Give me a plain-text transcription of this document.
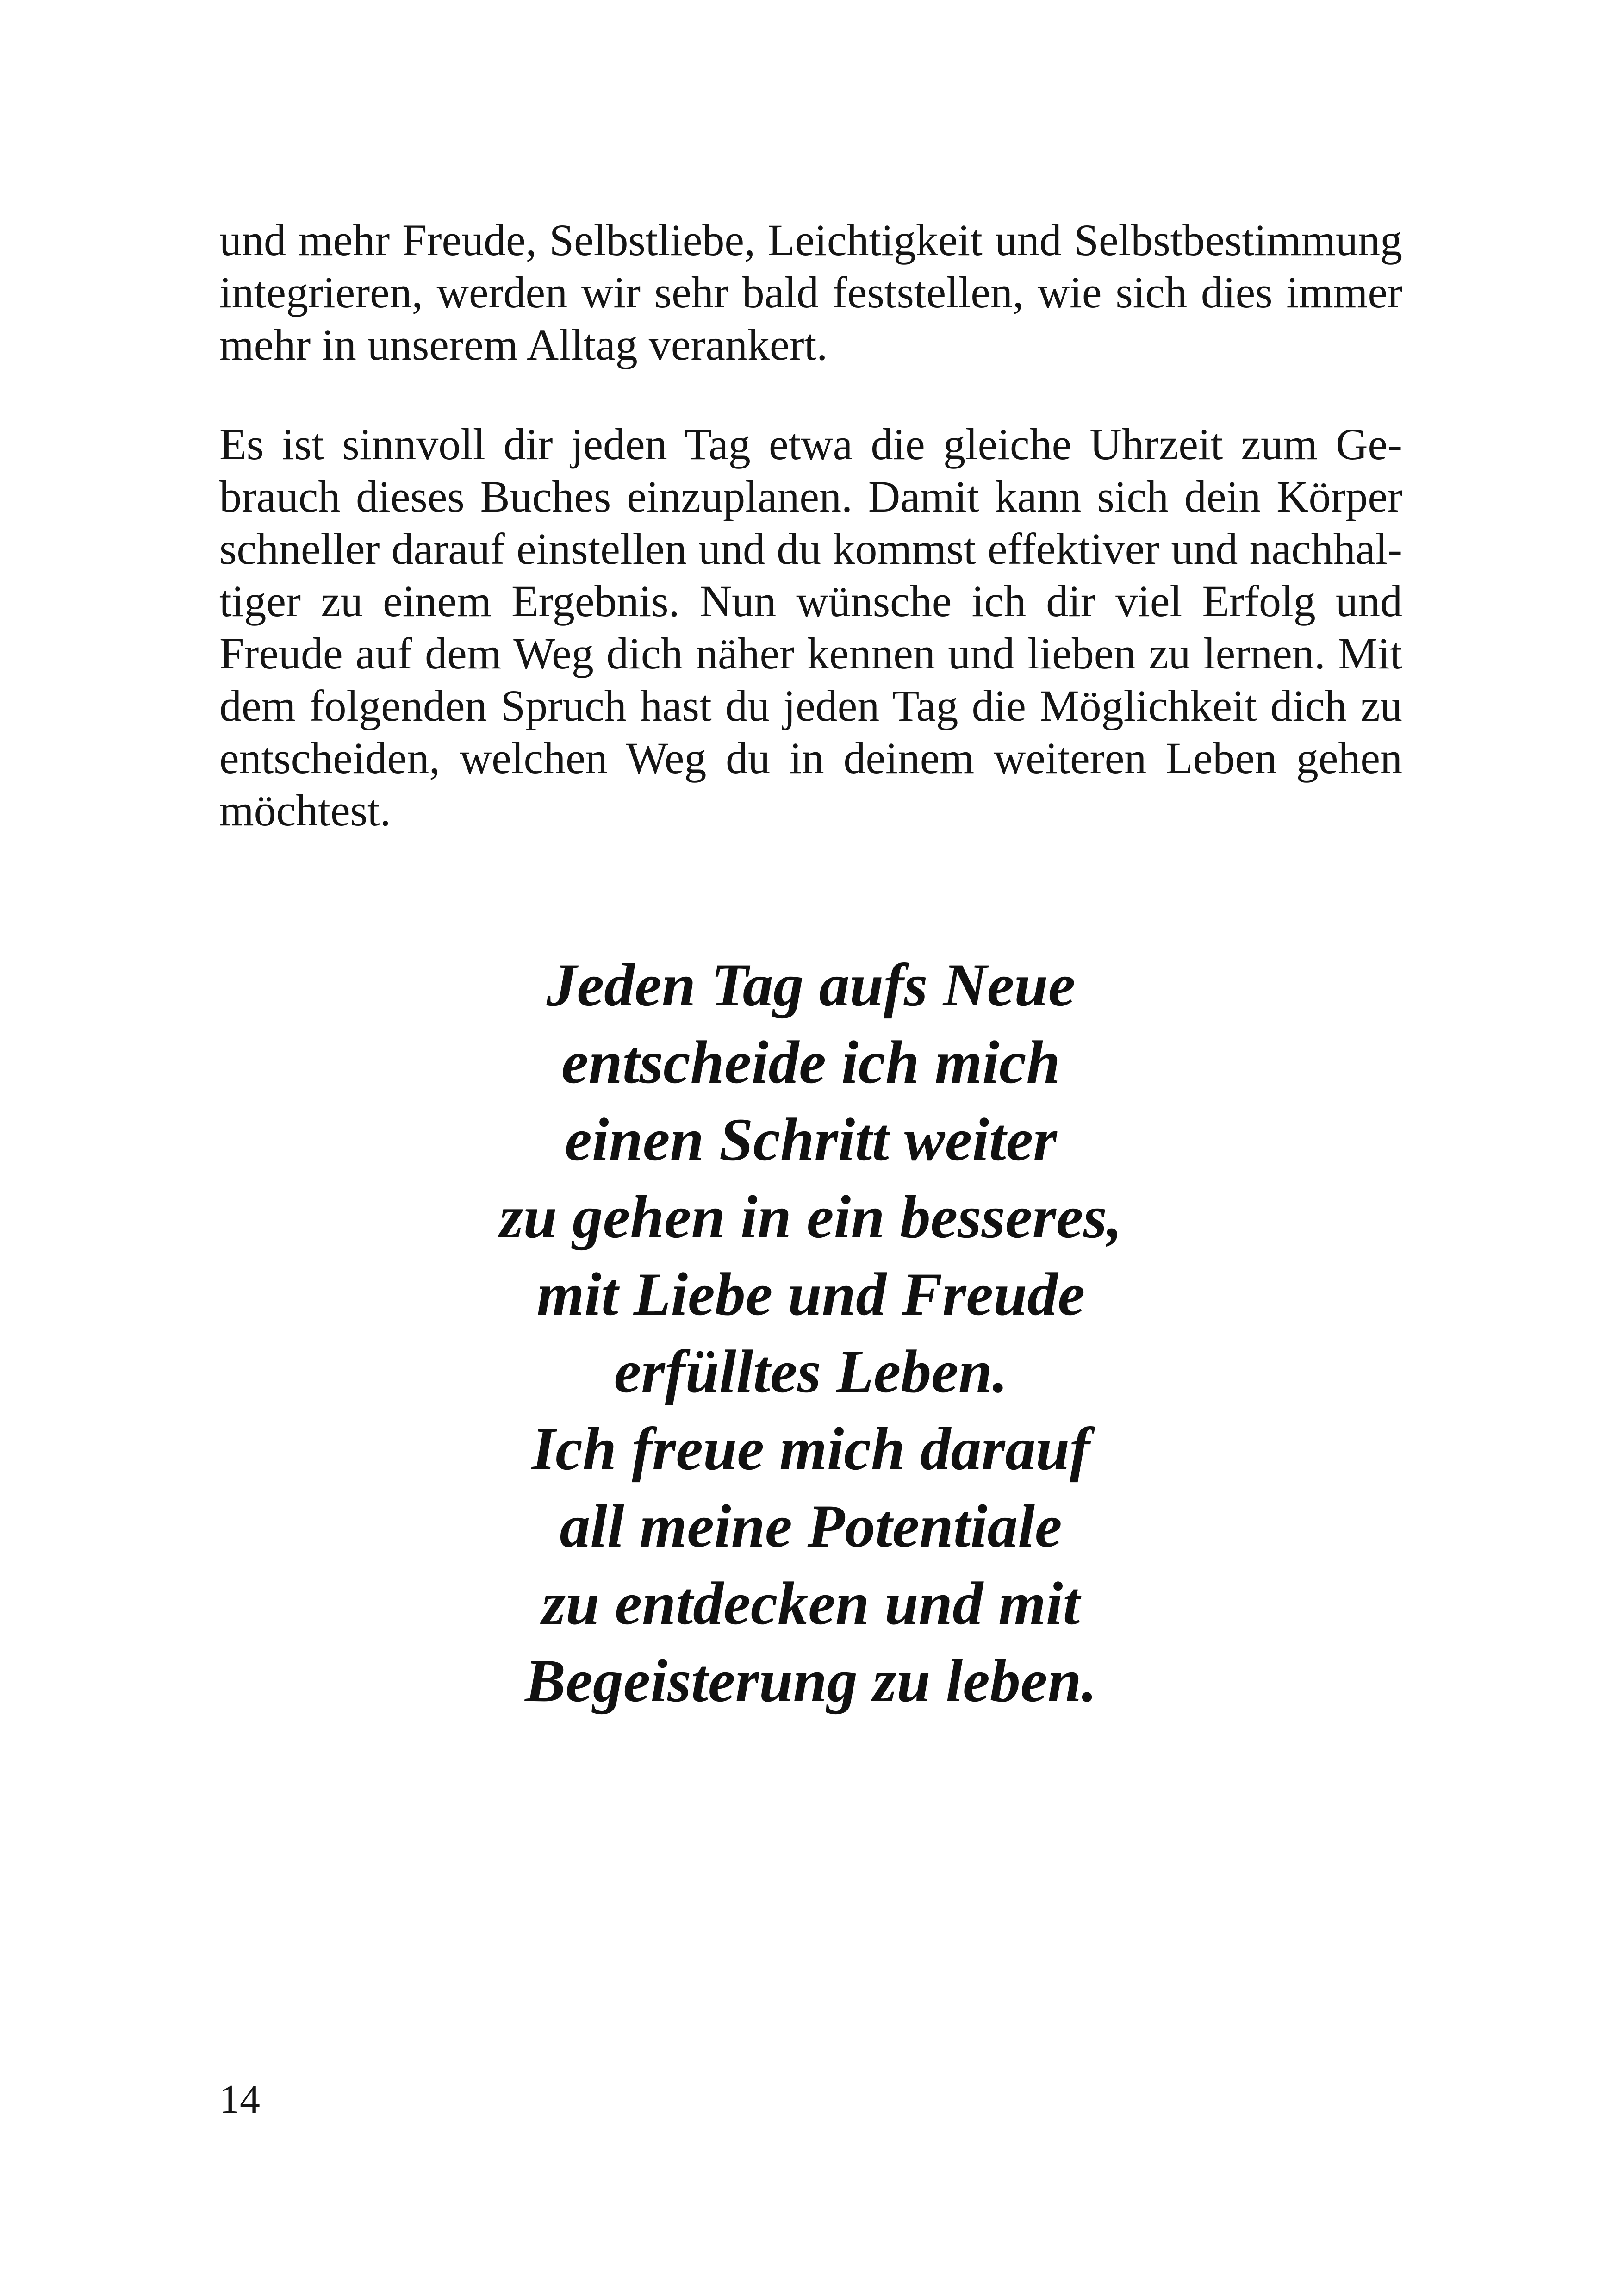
und mehr Freude, Selbstliebe, Leichtigkeit und Selbstbestimmung
integrieren, werden wir sehr bald feststellen, wie sich dies immer
mehr in unserem Alltag verankert.
Es ist sinnvoll dir jeden Tag etwa die gleiche Uhrzeit zum Ge-
brauch dieses Buches einzuplanen. Damit kann sich dein Körper
schneller darauf einstellen und du kommst effektiver und nachhal-
tiger zu einem Ergebnis. Nun wünsche ich dir viel Erfolg und
Freude auf dem Weg dich näher kennen und lieben zu lernen. Mit
dem folgenden Spruch hast du jeden Tag die Möglichkeit dich zu
entscheiden, welchen Weg du in deinem weiteren Leben gehen
möchtest.
Jeden Tag aufs Neue
entscheide ich mich
einen Schritt weiter
zu gehen in ein besseres,
mit Liebe und Freude
erfülltes Leben.
Ich freue mich darauf
all meine Potentiale
zu entdecken und mit
Begeisterung zu leben.
14
